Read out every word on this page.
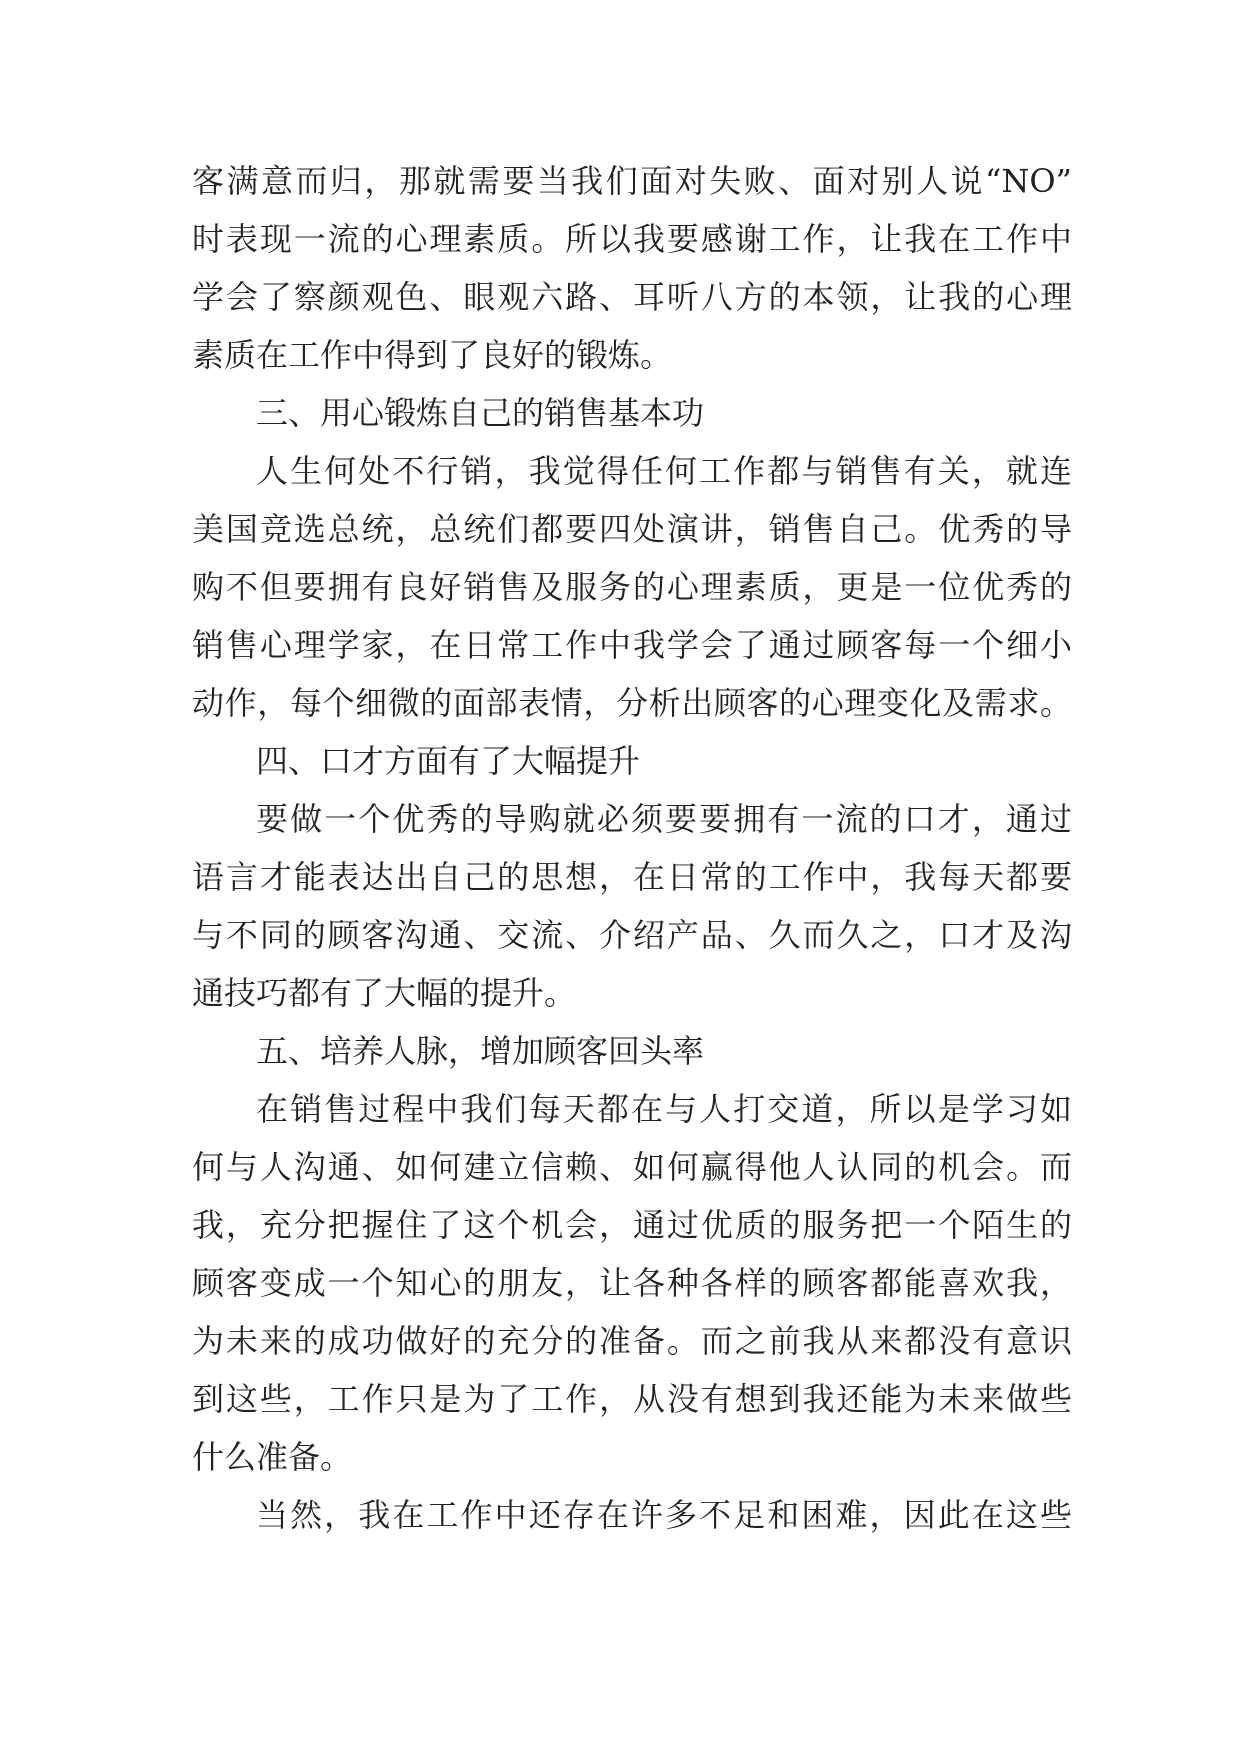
客满意而归，那就需要当我们面对失败、面对别人说“NO”
时表现一流的心理素质。所以我要感谢工作，让我在工作中
学会了察颜观色、眼观六路、耳听八方的本领，让我的心理
素质在工作中得到了良好的锻炼。
三、用心锻炼自己的销售基本功
人生何处不行销，我觉得任何工作都与销售有关，就连
美国竞选总统，总统们都要四处演讲，销售自己。优秀的导
购不但要拥有良好销售及服务的心理素质，更是一位优秀的
销售心理学家，在日常工作中我学会了通过顾客每一个细小
动作，每个细微的面部表情，分析出顾客的心理变化及需求。
四、口才方面有了大幅提升
要做一个优秀的导购就必须要要拥有一流的口才，通过
语言才能表达出自己的思想，在日常的工作中，我每天都要
与不同的顾客沟通、交流、介绍产品、久而久之，口才及沟
通技巧都有了大幅的提升。
五、培养人脉，增加顾客回头率
在销售过程中我们每天都在与人打交道，所以是学习如
何与人沟通、如何建立信赖、如何赢得他人认同的机会。而
我，充分把握住了这个机会，通过优质的服务把一个陌生的
顾客变成一个知心的朋友，让各种各样的顾客都能喜欢我，
为未来的成功做好的充分的准备。而之前我从来都没有意识
到这些，工作只是为了工作，从没有想到我还能为未来做些
什么准备。
当然，我在工作中还存在许多不足和困难，因此在这些
